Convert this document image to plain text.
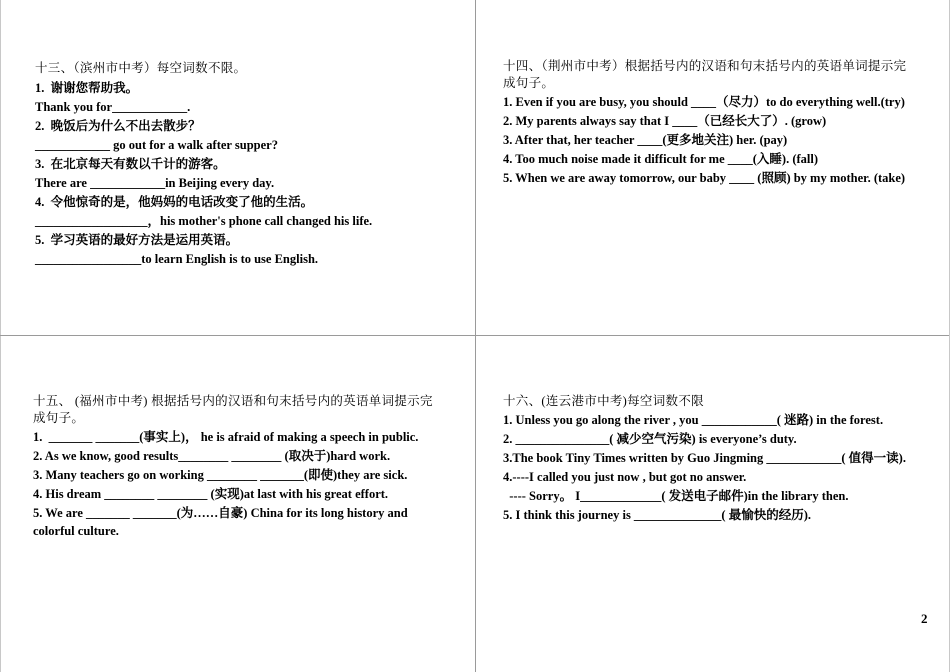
十三、（滨州市中考）每空词数不限。

1.  谢谢您帮助我。

Thank you for____________.

2.  晚饭后为什么不出去散步？

____________ go out for a walk after supper?

3.  在北京每天有数以千计的游客。

There are ____________in Beijing every day.

4.  令他惊奇的是，他妈妈的电话改变了他的生活。

__________________，his mother's phone call changed his life.

5.  学习英语的最好方法是运用英语。

_________________to learn English is to use English.

十四、（荆州市中考）根据括号内的汉语和句末括号内的英语单词提示完成句子。

1. Even if you are busy, you should ____（尽力）to do everything well.(try)

2. My parents always say that I ____（已经长大了）. (grow)

3. After that, her teacher ____(更多地关注) her. (pay)

4. Too much noise made it difficult for me ____(入睡). (fall)

5. When we are away tomorrow, our baby ____ (照顾) by my mother. (take)

十五、 (福州市中考) 根据括号内的汉语和句末括号内的英语单词提示完成句子。

1.  _______ _______(事实上)， he is afraid of making a speech in public.

2. As we know, good results________ ________ (取决于)hard work.

3. Many teachers go on working ________ _______(即使)they are sick.

4. His dream ________ ________ (实现)at last with his great effort.

5. We are _______ _______(为……自豪) China for its long history and colorful culture.

十六、(连云港市中考)每空词数不限

1. Unless you go along the river , you ____________( 迷路) in the forest.

2. _______________( 减少空气污染) is everyone’s duty.

3.The book Tiny Times written by Guo Jingming ____________( 值得一读).

4.----I called you just now , but got no answer.

---- Sorry。 I_____________( 发送电子邮件)in the library then.

5. I think this journey is ______________( 最愉快的经历).

2
